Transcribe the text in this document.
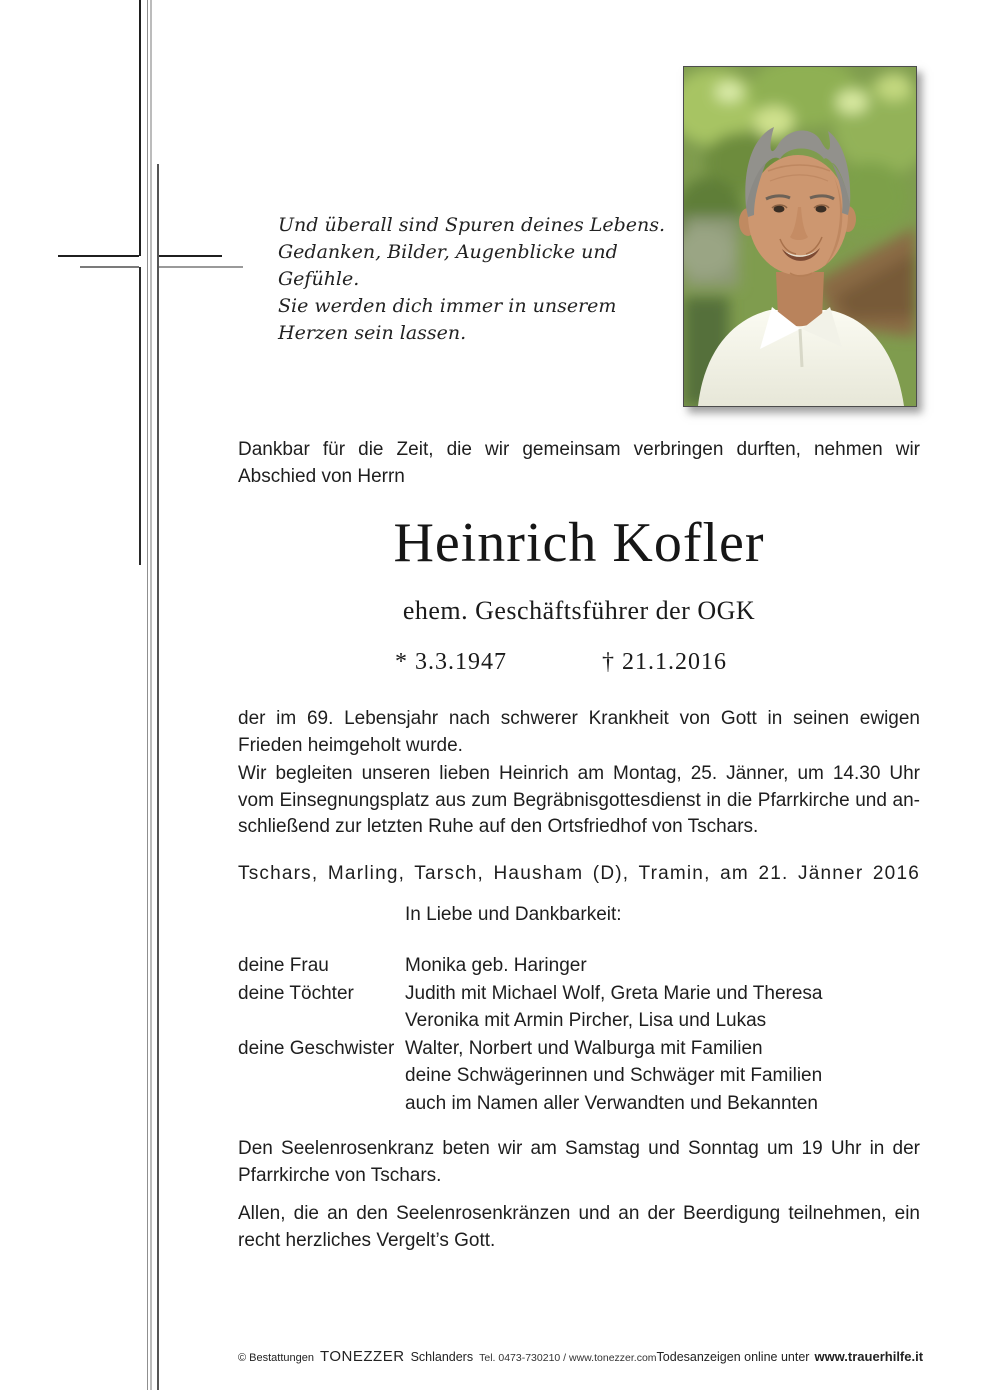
Und überall sind Spuren deines Lebens.
Gedanken, Bilder, Augenblicke und Gefühle.
Sie werden dich immer in unserem
Herzen sein lassen.
Dankbar für die Zeit, die wir gemeinsam verbringen durften, nehmen wir Abschied von Herrn
Heinrich Kofler
ehem. Geschäftsführer der OGK
* 3.3.1947	† 21.1.2016
der im 69. Lebensjahr nach schwerer Krankheit von Gott in seinen ewigen Frieden heimgeholt wurde.
Wir begleiten unseren lieben Heinrich am Montag, 25. Jänner, um 14.30 Uhr vom Einsegnungsplatz aus zum Begräbnisgottesdienst in die Pfarrkirche und anschließend zur letzten Ruhe auf den Ortsfriedhof von Tschars.
Tschars, Marling, Tarsch, Hausham (D), Tramin, am 21. Jänner 2016
In Liebe und Dankbarkeit:
deine Frau	Monika geb. Haringer
deine Töchter	Judith mit Michael Wolf, Greta Marie und Theresa
Veronika mit Armin Pircher, Lisa und Lukas
deine Geschwister Walter, Norbert und Walburga mit Familien
deine Schwägerinnen und Schwäger mit Familien
auch im Namen aller Verwandten und Bekannten
Den Seelenrosenkranz beten wir am Samstag und Sonntag um 19 Uhr in der Pfarrkirche von Tschars.
Allen, die an den Seelenrosenkränzen und an der Beerdigung teilnehmen, ein recht herzliches Vergelt’s Gott.
© Bestattungen TONEZZER Schlanders Tel. 0473-730210 / www.tonezzer.com Todesanzeigen online unter www.trauerhilfe.it
